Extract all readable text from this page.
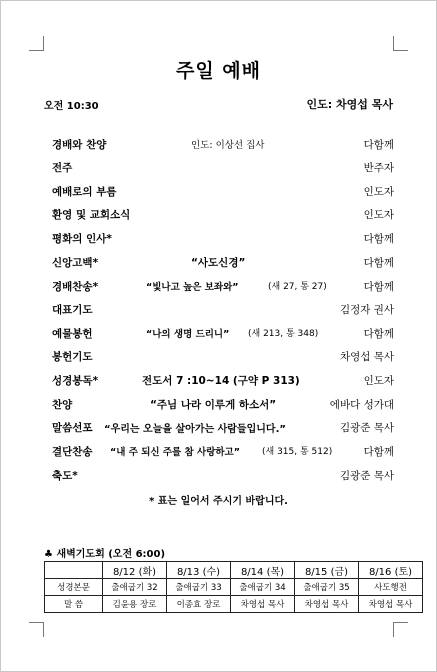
주일 예배
오전 10:30	인도: 차영섭 목사
경배와 찬양	인도: 이상선 집사	다함께
전주	반주자
예배로의 부름	인도자
환영 및 교회소식	인도자
평화의 인사*	다함께
신앙고백*	“사도신경”	다함께
경배찬송*	“빛나고 높은 보좌와”	(새 27, 통 27)	다함께
대표기도	김정자 권사
예물봉헌	“나의 생명 드리니” (새 213, 통 348)	다함께
봉헌기도	차영섭 목사
성경봉독*	전도서 7 :10~14 (구약 P 313)	인도자
찬양	“주님 나라 이루게 하소서”	에바다 성가대
말씀선포 “우리는 오늘을 살아가는 사람들입니다.”	김광준 목사
결단찬송 “내 주 되신 주를 참 사랑하고” (새 315, 통 512)	다함께
축도*	김광준 목사
* 표는 일어서 주시기 바랍니다.
♣ 새벽기도회 (오전 6:00)
	8/12 (화)	8/13 (수)	8/14 (목)	8/15 (금)	8/16 (토)
성경본문	출애굽기 32	출애굽기 33	출애굽기 34	출애굽기 35	사도행전
말 씀	김윤용 장로	이종효 장로	차영섭 목사	차영섭 목사	차영섭 목사
